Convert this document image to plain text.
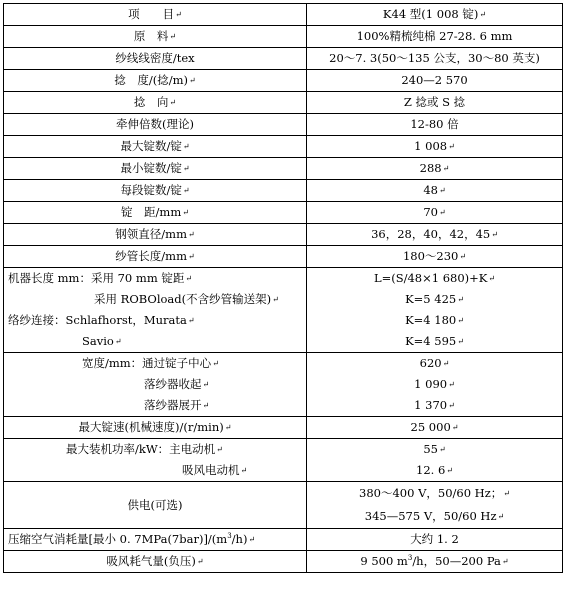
项　　目↵	K44 型(1 008 锭)↵
原　料↵	100%精梳纯棉 27-28. 6 mm
纱线线密度/tex	20～7. 3(50～135 公支，30～80 英支)
捻　度/(捻/m)↵	240—2 570
捻　向↵	Z 捻或 S 捻
牵伸倍数(理论)	12-80 倍
最大锭数/锭↵	1 008↵
最小锭数/锭↵	288↵
每段锭数/锭↵	48↵
锭　距/mm↵	70↵
钢领直径/mm↵	36，28，40，42，45↵
纱管长度/mm↵	180～230↵
机器长度 mm：采用 70 mm 锭距↵	L=(S/48×1 680)+K↵
采用 ROBOload(不含纱管输送架)↵	K=5 425↵
络纱连接：Schlafhorst，Murata↵	K=4 180↵
Savio↵	K=4 595↵
宽度/mm：通过锭子中心↵	620↵
落纱器收起↵	1 090↵
落纱器展开↵	1 370↵
最大锭速(机械速度)/(r/min)↵	25 000↵
最大装机功率/kW：主电动机↵	55↵
吸风电动机↵	12. 6↵
供电(可选)	380～400 V，50/60 Hz；↵
345—575 V，50/60 Hz↵

压缩空气消耗量[最小 0. $7MPa(7bar)]/(m^3/h)↵$	大约 1. 2
吸风耗气量(负压)↵	9 500 $m^3/h$，50—200 Pa↵
